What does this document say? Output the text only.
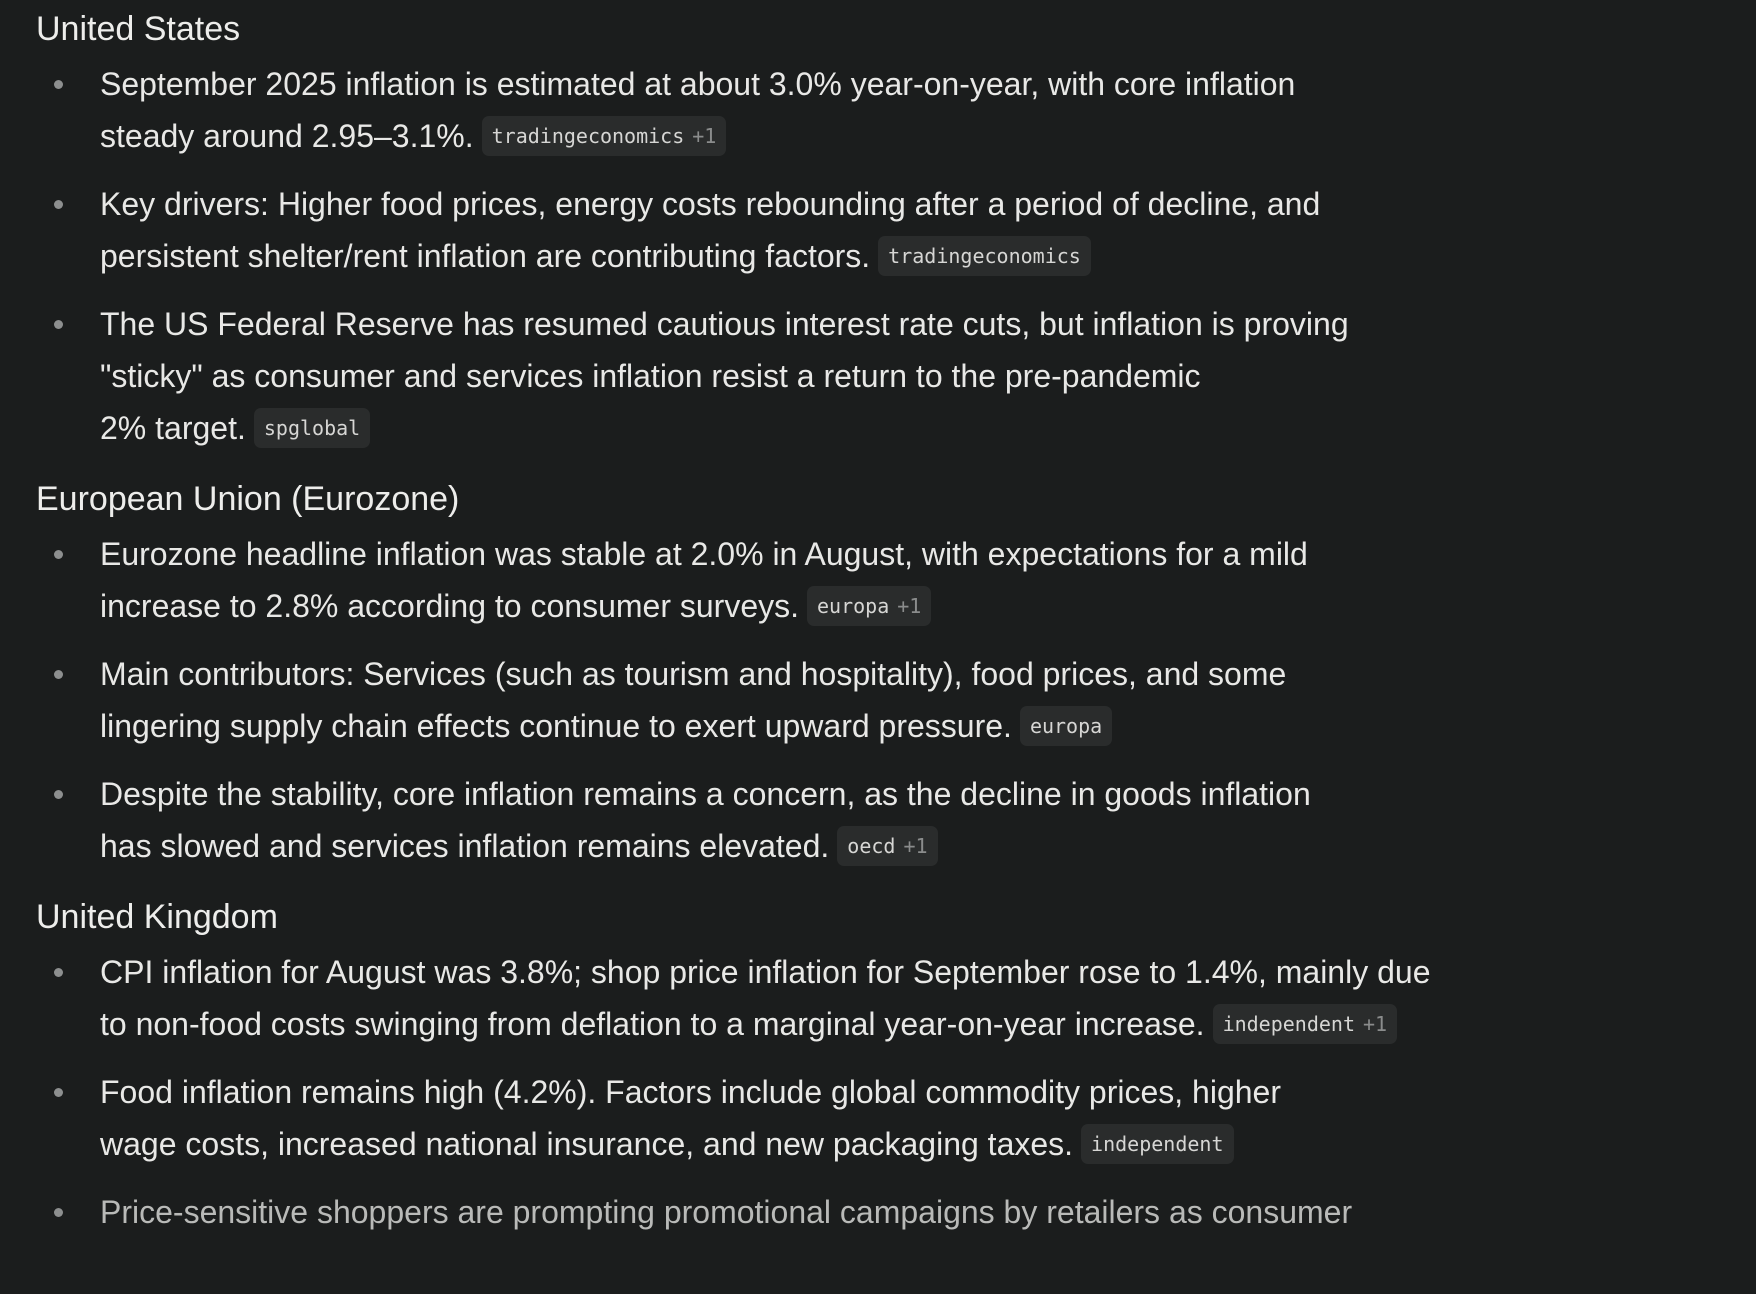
United States
September 2025 inflation is estimated at about 3.0% year-on-year, with core inflation
steady around 2.95–3.1%. tradingeconomics +1
Key drivers: Higher food prices, energy costs rebounding after a period of decline, and
persistent shelter/rent inflation are contributing factors. tradingeconomics
The US Federal Reserve has resumed cautious interest rate cuts, but inflation is proving
"sticky" as consumer and services inflation resist a return to the pre-pandemic
2% target. spglobal
European Union (Eurozone)
Eurozone headline inflation was stable at 2.0% in August, with expectations for a mild
increase to 2.8% according to consumer surveys. europa +1
Main contributors: Services (such as tourism and hospitality), food prices, and some
lingering supply chain effects continue to exert upward pressure. europa
Despite the stability, core inflation remains a concern, as the decline in goods inflation
has slowed and services inflation remains elevated. oecd +1
United Kingdom
CPI inflation for August was 3.8%; shop price inflation for September rose to 1.4%, mainly due
to non-food costs swinging from deflation to a marginal year-on-year increase. independent +1
Food inflation remains high (4.2%). Factors include global commodity prices, higher
wage costs, increased national insurance, and new packaging taxes. independent
Price-sensitive shoppers are prompting promotional campaigns by retailers as consumer
